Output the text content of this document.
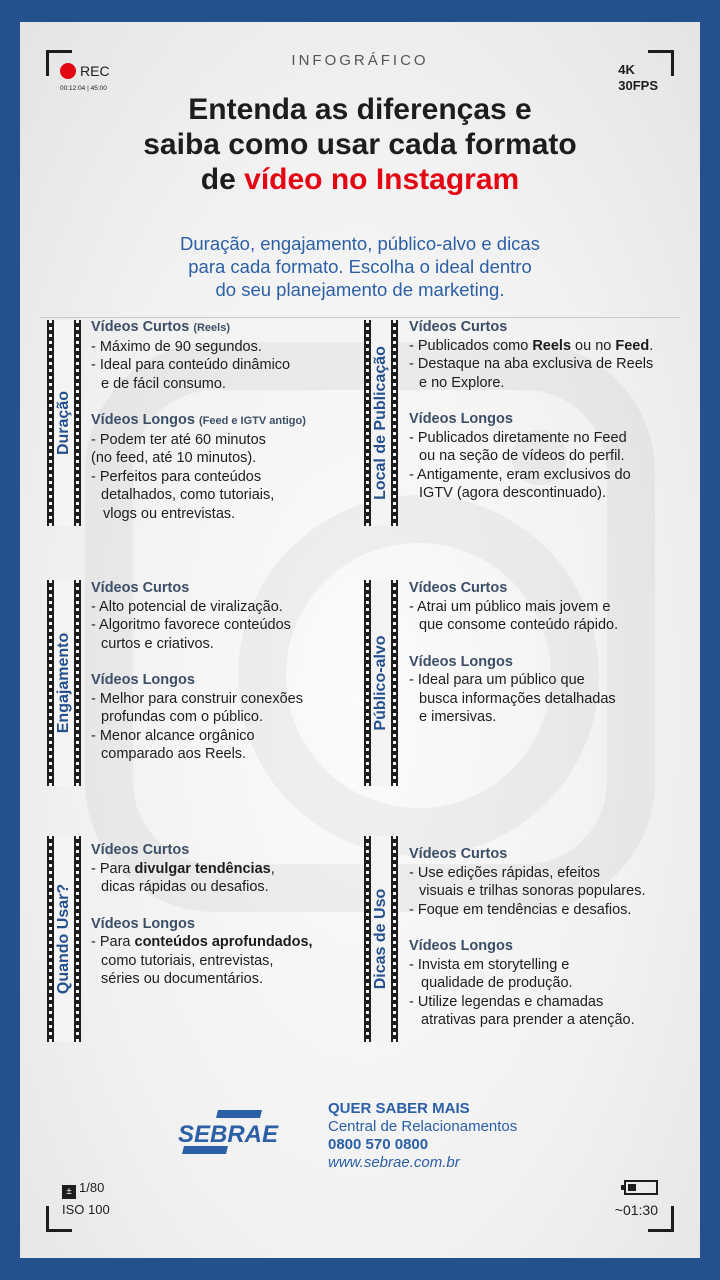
REC
00:12:04 | 45:00
4K
30FPS
INFOGRÁFICO
Entenda as diferenças e
saiba como usar cada formato
de vídeo no Instagram
Duração, engajamento, público-alvo e dicas
para cada formato. Escolha o ideal dentro
do seu planejamento de marketing.
Duração
Vídeos Curtos (Reels)
- Máximo de 90 segundos.
- Ideal para conteúdo dinâmico
e de fácil consumo.
Vídeos Longos (Feed e IGTV antigo)
- Podem ter até 60 minutos
(no feed, até 10 minutos).
- Perfeitos para conteúdos
detalhados, como tutoriais,
vlogs ou entrevistas.
Local de Publicação
Vídeos Curtos
- Publicados como Reels ou no Feed.
- Destaque na aba exclusiva de Reels
e no Explore.
Vídeos Longos
- Publicados diretamente no Feed
ou na seção de vídeos do perfil.
- Antigamente, eram exclusivos do
IGTV (agora descontinuado).
Engajamento
Vídeos Curtos
- Alto potencial de viralização.
- Algoritmo favorece conteúdos
curtos e criativos.
Vídeos Longos
- Melhor para construir conexões
profundas com o público.
- Menor alcance orgânico
comparado aos Reels.
Público-alvo
Vídeos Curtos
- Atrai um público mais jovem e
que consome conteúdo rápido.
Vídeos Longos
- Ideal para um público que
busca informações detalhadas
e imersivas.
Quando Usar?
Vídeos Curtos
- Para divulgar tendências,
dicas rápidas ou desafios.
Vídeos Longos
- Para conteúdos aprofundados,
como tutoriais, entrevistas,
séries ou documentários.	Dicas de Uso
Vídeos Curtos
- Use edições rápidas, efeitos
visuais e trilhas sonoras populares.
- Foque em tendências e desafios.
Vídeos Longos
- Invista em storytelling e
qualidade de produção.
- Utilize legendas e chamadas
atrativas para prender a atenção.
SEBRAE
QUER SABER MAIS
Central de Relacionamentos
0800 570 0800
www.sebrae.com.br
± 1/80
ISO 100	~01:30
